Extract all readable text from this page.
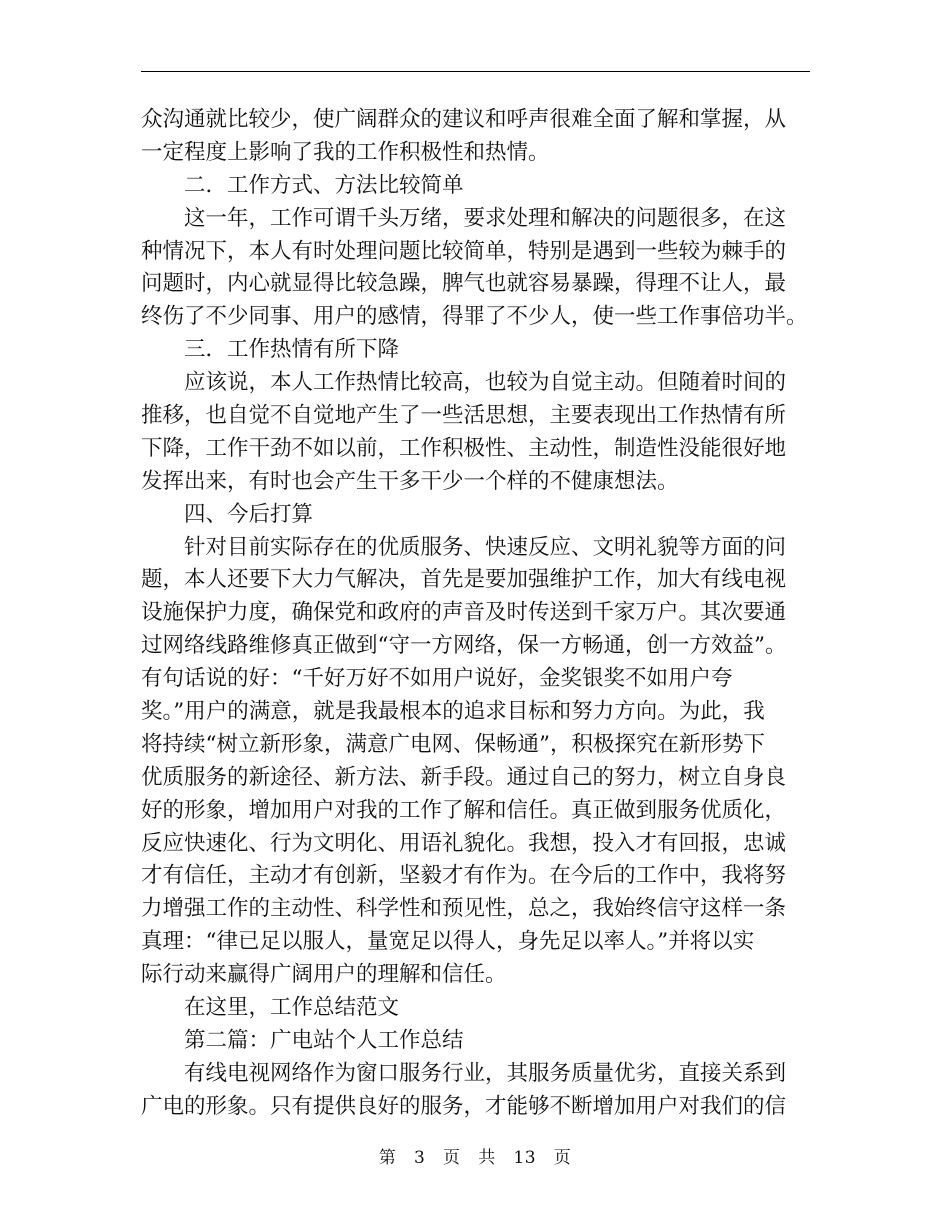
众沟通就比较少，使广阔群众的建议和呼声很难全面了解和掌握，从
一定程度上影响了我的工作积极性和热情。
二．工作方式、方法比较简单
这一年，工作可谓千头万绪，要求处理和解决的问题很多，在这
种情况下，本人有时处理问题比较简单，特别是遇到一些较为棘手的
问题时，内心就显得比较急躁，脾气也就容易暴躁，得理不让人，最
终伤了不少同事、用户的感情，得罪了不少人，使一些工作事倍功半。
三．工作热情有所下降
应该说，本人工作热情比较高，也较为自觉主动。但随着时间的
推移，也自觉不自觉地产生了一些活思想，主要表现出工作热情有所
下降，工作干劲不如以前，工作积极性、主动性，制造性没能很好地
发挥出来，有时也会产生干多干少一个样的不健康想法。
四、今后打算
针对目前实际存在的优质服务、快速反应、文明礼貌等方面的问
题，本人还要下大力气解决，首先是要加强维护工作，加大有线电视
设施保护力度，确保党和政府的声音及时传送到千家万户。其次要通
过网络线路维修真正做到“守一方网络，保一方畅通，创一方效益”。
有句话说的好：“千好万好不如用户说好，金奖银奖不如用户夸
奖。”用户的满意，就是我最根本的追求目标和努力方向。为此，我
将持续“树立新形象，满意广电网、保畅通”，积极探究在新形势下
优质服务的新途径、新方法、新手段。通过自己的努力，树立自身良
好的形象，增加用户对我的工作了解和信任。真正做到服务优质化，
反应快速化、行为文明化、用语礼貌化。我想，投入才有回报，忠诚
才有信任，主动才有创新，坚毅才有作为。在今后的工作中，我将努
力增强工作的主动性、科学性和预见性，总之，我始终信守这样一条
真理：“律已足以服人，量宽足以得人，身先足以率人。”并将以实
际行动来赢得广阔用户的理解和信任。
在这里，工作总结范文
第二篇：广电站个人工作总结
有线电视网络作为窗口服务行业，其服务质量优劣，直接关系到
广电的形象。只有提供良好的服务，才能够不断增加用户对我们的信
第 3 页 共 13 页
